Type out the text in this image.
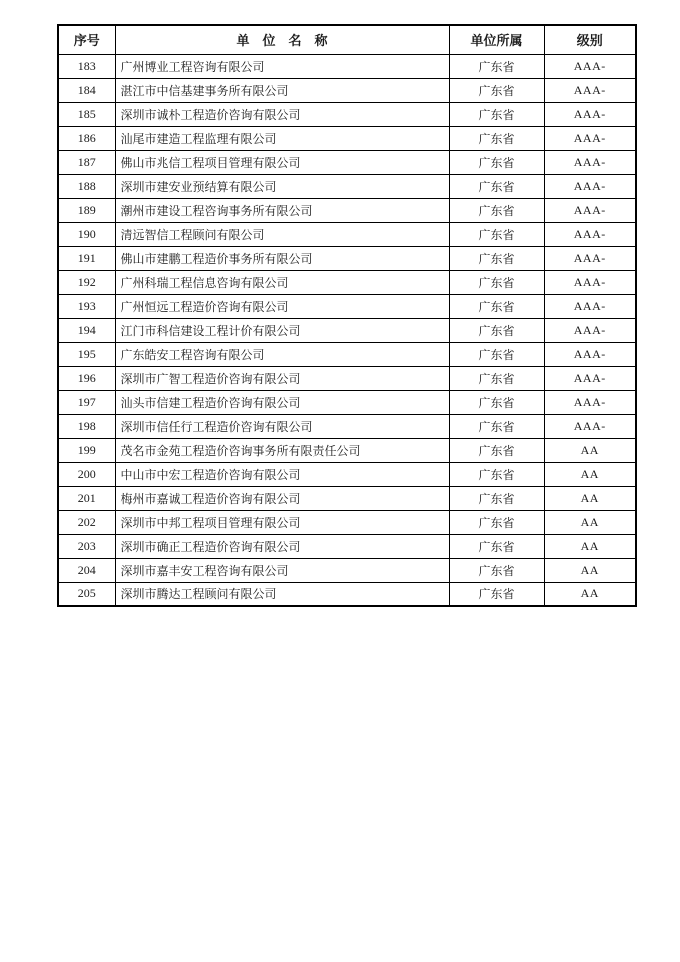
序号	单　位　名　称	单位所属	级别
183	广州博业工程咨询有限公司	广东省	AAA-
184	湛江市中信基建事务所有限公司	广东省	AAA-
185	深圳市诚朴工程造价咨询有限公司	广东省	AAA-
186	汕尾市建造工程监理有限公司	广东省	AAA-
187	佛山市兆信工程项目管理有限公司	广东省	AAA-
188	深圳市建安业预结算有限公司	广东省	AAA-
189	潮州市建设工程咨询事务所有限公司	广东省	AAA-
190	清远智信工程顾问有限公司	广东省	AAA-
191	佛山市建鹏工程造价事务所有限公司	广东省	AAA-
192	广州科瑞工程信息咨询有限公司	广东省	AAA-
193	广州恒远工程造价咨询有限公司	广东省	AAA-
194	江门市科信建设工程计价有限公司	广东省	AAA-
195	广东皓安工程咨询有限公司	广东省	AAA-
196	深圳市广智工程造价咨询有限公司	广东省	AAA-
197	汕头市信建工程造价咨询有限公司	广东省	AAA-
198	深圳市信任行工程造价咨询有限公司	广东省	AAA-
199	茂名市金苑工程造价咨询事务所有限责任公司	广东省	AA
200	中山市中宏工程造价咨询有限公司	广东省	AA
201	梅州市嘉诚工程造价咨询有限公司	广东省	AA
202	深圳市中邦工程项目管理有限公司	广东省	AA
203	深圳市确正工程造价咨询有限公司	广东省	AA
204	深圳市嘉丰安工程咨询有限公司	广东省	AA
205	深圳市腾达工程顾问有限公司	广东省	AA
